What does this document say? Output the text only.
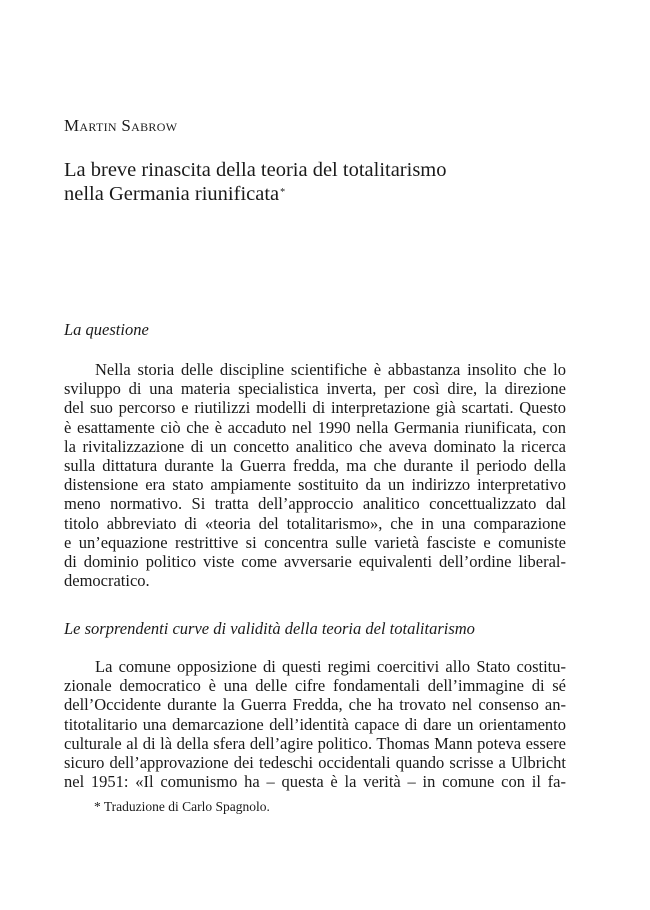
Martin Sabrow
La breve rinascita della teoria del totalitarismo
nella Germania riunificata*
La questione
Nella storia delle discipline scientifiche è abbastanza insolito che lo
sviluppo di una materia specialistica inverta, per così dire, la direzione
del suo percorso e riutilizzi modelli di interpretazione già scartati. Questo
è esattamente ciò che è accaduto nel 1990 nella Germania riunificata, con
la rivitalizzazione di un concetto analitico che aveva dominato la ricerca
sulla dittatura durante la Guerra fredda, ma che durante il periodo della
distensione era stato ampiamente sostituito da un indirizzo interpretativo
meno normativo. Si tratta dell’approccio analitico concettualizzato dal
titolo abbreviato di «teoria del totalitarismo», che in una comparazione
e un’equazione restrittive si concentra sulle varietà fasciste e comuniste
di dominio politico viste come avversarie equivalenti dell’ordine liberal-
democratico.
Le sorprendenti curve di validità della teoria del totalitarismo
La comune opposizione di questi regimi coercitivi allo Stato costitu-
zionale democratico è una delle cifre fondamentali dell’immagine di sé
dell’Occidente durante la Guerra Fredda, che ha trovato nel consenso an-
titotalitario una demarcazione dell’identità capace di dare un orientamento
culturale al di là della sfera dell’agire politico. Thomas Mann poteva essere
sicuro dell’approvazione dei tedeschi occidentali quando scrisse a Ulbricht
nel 1951: «Il comunismo ha – questa è la verità – in comune con il fa-

* Traduzione di Carlo Spagnolo.
